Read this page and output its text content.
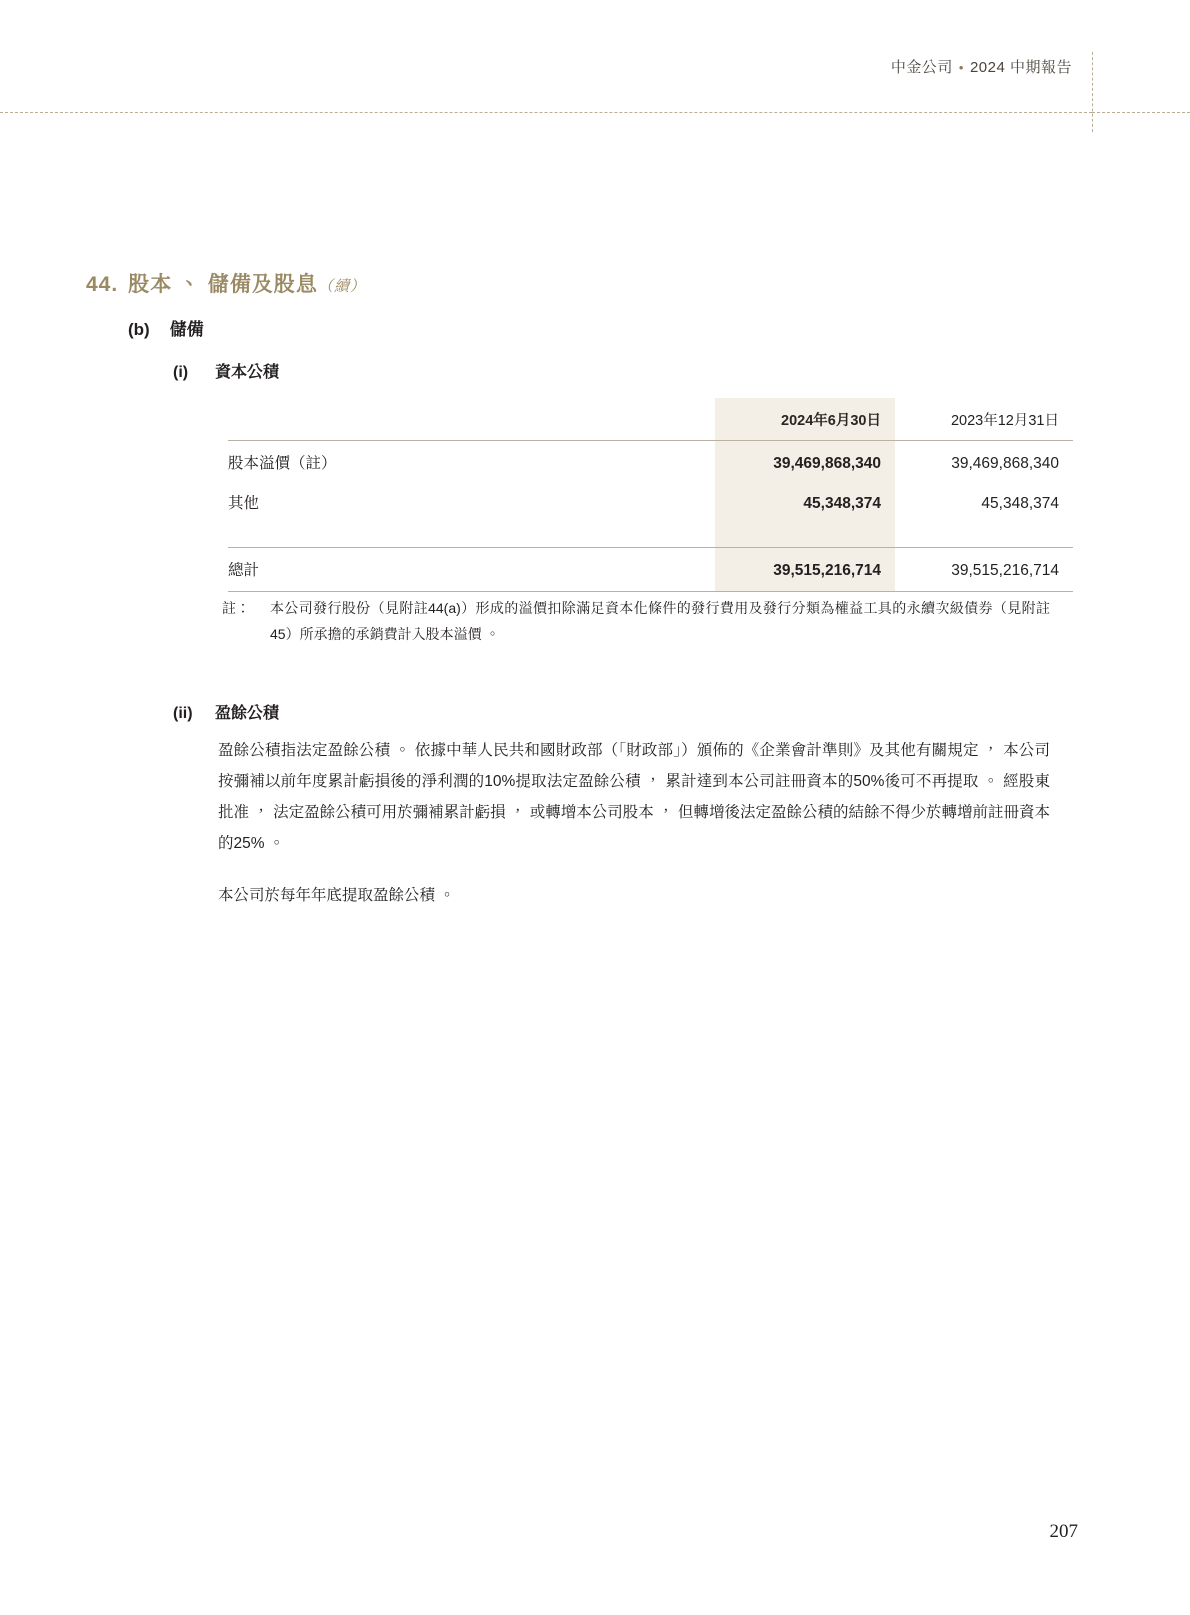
中金公司 • 2024 中期報告
44. 股本 、 儲備及股息（續）
(b) 儲備
(i) 資本公積
	2024年6月30日	2023年12月31日
股本溢價（註）	39,469,868,340	39,469,868,340
其他	45,348,374	45,348,374

總計	39,515,216,714	39,515,216,714
註： 本公司發行股份（見附註44(a)）形成的溢價扣除滿足資本化條件的發行費用及發行分類為權益工具的永續次級債券（見附註45）所承擔的承銷費計入股本溢價 。
(ii) 盈餘公積
盈餘公積指法定盈餘公積 。 依據中華人民共和國財政部（「財政部」）頒佈的《企業會計準則》及其他有關規定 ， 本公司按彌補以前年度累計虧損後的淨利潤的10%提取法定盈餘公積 ， 累計達到本公司註冊資本的50%後可不再提取 。 經股東批准 ， 法定盈餘公積可用於彌補累計虧損 ， 或轉增本公司股本 ， 但轉增後法定盈餘公積的結餘不得少於轉增前註冊資本的25% 。
本公司於每年年底提取盈餘公積 。
207
